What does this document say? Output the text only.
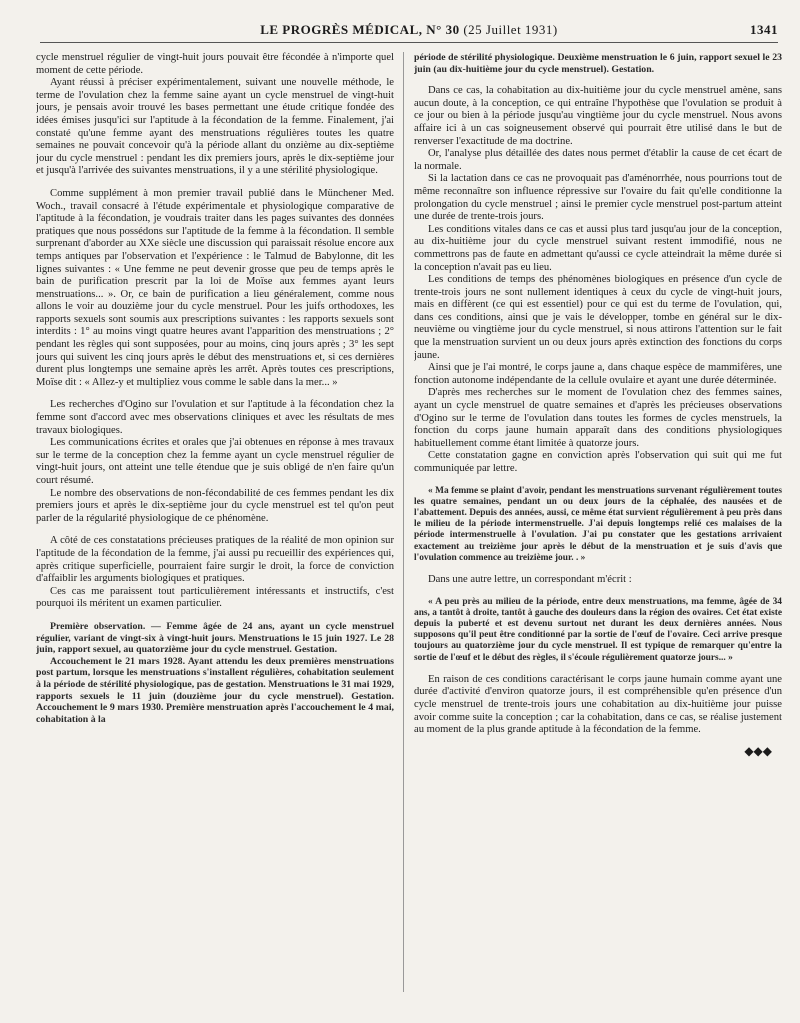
LE PROGRÈS MÉDICAL, N° 30 (25 Juillet 1931)	1341

cycle menstruel régulier de vingt-huit jours pouvait être fécondée à n'importe quel moment de cette période.

Ayant réussi à préciser expérimentalement, suivant une nouvelle méthode, le terme de l'ovulation chez la femme saine ayant un cycle menstruel de vingt-huit jours, je pensais avoir trouvé les bases permettant une étude critique fondée des idées émises jusqu'ici sur l'aptitude à la fécondation de la femme. Finalement, j'ai constaté qu'une femme ayant des menstruations régulières toutes les quatre semaines ne pouvait concevoir qu'à la période allant du onzième au dix-septième jour du cycle menstruel : pendant les dix premiers jours, après le dix-septième jour et jusqu'à l'arrivée des suivantes menstruations, il y a une stérilité physiologique.

Comme supplément à mon premier travail publié dans le Münchener Med. Woch., travail consacré à l'étude expérimentale et physiologique comparative de l'aptitude à la fécondation, je voudrais traiter dans les pages suivantes des données pratiques que nous possédons sur l'aptitude de la femme à la fécondation. Il semble surprenant d'aborder au XXe siècle une discussion qui paraissait résolue encore aux temps antiques par l'observation et l'expérience : le Talmud de Babylonne, dit les lignes suivantes : « Une femme ne peut devenir grosse que peu de temps après le bain de purification prescrit par la loi de Moïse aux femmes ayant leurs menstruations... ». Or, ce bain de purification a lieu généralement, comme nous allons le voir au douzième jour du cycle menstruel. Pour les juifs orthodoxes, les rapports sexuels sont soumis aux prescriptions suivantes : les rapports sexuels sont interdits : 1° au moins vingt quatre heures avant l'apparition des menstruations ; 2° pendant les règles qui sont supposées, pour au moins, cinq jours après ; 3° les sept jours qui suivent les cinq jours après le début des menstruations et, si ces dernières durent plus longtemps une semaine après les arrêt. Après toutes ces prescriptions, Moïse dit : « Allez-y et multipliez vous comme le sable dans la mer... »

Les recherches d'Ogino sur l'ovulation et sur l'aptitude à la fécondation chez la femme sont d'accord avec mes observations cliniques et avec les résultats de mes travaux biologiques.

Les communications écrites et orales que j'ai obtenues en réponse à mes travaux sur le terme de la conception chez la femme ayant un cycle menstruel régulier de vingt-huit jours, ont atteint une telle étendue que je suis obligé de n'en faire qu'un court résumé.

Le nombre des observations de non-fécondabilité de ces femmes pendant les dix premiers jours et après le dix-septième jour du cycle menstruel est tel qu'on peut parler de la régularité physiologique de ce phénomène.

A côté de ces constatations précieuses pratiques de la réalité de mon opinion sur l'aptitude de la fécondation de la femme, j'ai aussi pu recueillir des expériences qui, après critique superficielle, pourraient faire surgir le droit, la force de conviction d'affaiblir les arguments biologiques et pratiques.

Ces cas me paraissent tout particulièrement intéressants et instructifs, c'est pourquoi ils méritent un examen particulier.

Première observation. — Femme âgée de 24 ans, ayant un cycle menstruel régulier, variant de vingt-six à vingt-huit jours. Menstruations le 15 juin 1927. Le 28 juin, rapport sexuel, au quatorzième jour du cycle menstruel. Gestation.

Accouchement le 21 mars 1928. Ayant attendu les deux premières menstruations post partum, lorsque les menstruations s'installent régulières, cohabitation seulement à la période de stérilité physiologique, pas de gestation. Menstruations le 31 mai 1929, rapports sexuels le 11 juin (douzième jour du cycle menstruel). Gestation. Accouchement le 9 mars 1930. Première menstruation après l'accouchement le 4 mai, cohabitation à la

période de stérilité physiologique. Deuxième menstruation le 6 juin, rapport sexuel le 23 juin (au dix-huitième jour du cycle menstruel). Gestation.

Dans ce cas, la cohabitation au dix-huitième jour du cycle menstruel amène, sans aucun doute, à la conception, ce qui entraîne l'hypothèse que l'ovulation se produit à ce jour ou bien à la période jusqu'au vingtième jour du cycle menstruel. Nous avons affaire ici à un cas soigneusement observé qui pourrait être utilisé dans le but de renverser l'exactitude de ma doctrine.

Or, l'analyse plus détaillée des dates nous permet d'établir la cause de cet écart de la normale.

Si la lactation dans ce cas ne provoquait pas d'aménorrhée, nous pourrions tout de même reconnaître son influence répressive sur l'ovaire du fait qu'elle conditionne la prolongation du cycle menstruel ; ainsi le premier cycle menstruel post-partum atteint une durée de trente-trois jours.

Les conditions vitales dans ce cas et aussi plus tard jusqu'au jour de la conception, au dix-huitième jour du cycle menstruel suivant restent immodifié, nous ne commettrons pas de faute en admettant qu'aussi ce cycle atteindrait la même durée si la conception n'avait pas eu lieu.

Les conditions de temps des phénomènes biologiques en présence d'un cycle de trente-trois jours ne sont nullement identiques à ceux du cycle de vingt-huit jours, mais en diffèrent (ce qui est essentiel) pour ce qui est du terme de l'ovulation, qui, dans ces conditions, ainsi que je vais le développer, tombe en général sur le dix-neuvième ou vingtième jour du cycle menstruel, si nous attirons l'attention sur le fait que la menstruation survient un ou deux jours après extinction des fonctions du corps jaune.

Ainsi que je l'ai montré, le corps jaune a, dans chaque espèce de mammifères, une fonction autonome indépendante de la cellule ovulaire et ayant une durée déterminée.

D'après mes recherches sur le moment de l'ovulation chez des femmes saines, ayant un cycle menstruel de quatre semaines et d'après les précieuses observations d'Ogino sur le terme de l'ovulation dans toutes les formes de cycles menstruels, la fonction du corps jaune humain apparaît dans des conditions physiologiques habituellement comme étant limitée à quatorze jours.

Cette constatation gagne en conviction après l'observation qui suit qui me fut communiquée par lettre.

« Ma femme se plaint d'avoir, pendant les menstruations survenant régulièrement toutes les quatre semaines, pendant un ou deux jours de la céphalée, des nausées et de l'abattement. Depuis des années, aussi, ce même état survient régulièrement à peu près dans le milieu de la période intermenstruelle. J'ai depuis longtemps relié ces malaises de la période intermenstruelle à l'ovulation. J'ai pu constater que les gestations arrivaient exactement au treizième jour après le début de la menstruation et je suis d'avis que l'ovulation commence au treizième jour. . »

Dans une autre lettre, un correspondant m'écrit :

« A peu près au milieu de la période, entre deux menstruations, ma femme, âgée de 34 ans, a tantôt à droite, tantôt à gauche des douleurs dans la région des ovaires. Cet état existe depuis la puberté et est devenu surtout net durant les deux dernières années. Nous supposons qu'il peut être conditionné par la sortie de l'œuf de l'ovaire. Ceci arrive presque toujours au quatorzième jour du cycle menstruel. Il est typique de remarquer qu'entre la sortie de l'œuf et le début des règles, il s'écoule régulièrement quatorze jours... »

En raison de ces conditions caractérisant le corps jaune humain comme ayant une durée d'activité d'environ quatorze jours, il est compréhensible qu'en présence d'un cycle menstruel de trente-trois jours une cohabitation au dix-huitième jour puisse avoir comme suite la conception ; car la cohabitation, dans ce cas, se réalise justement au moment de la plus grande aptitude à la fécondation de la femme.

◆◆◆
